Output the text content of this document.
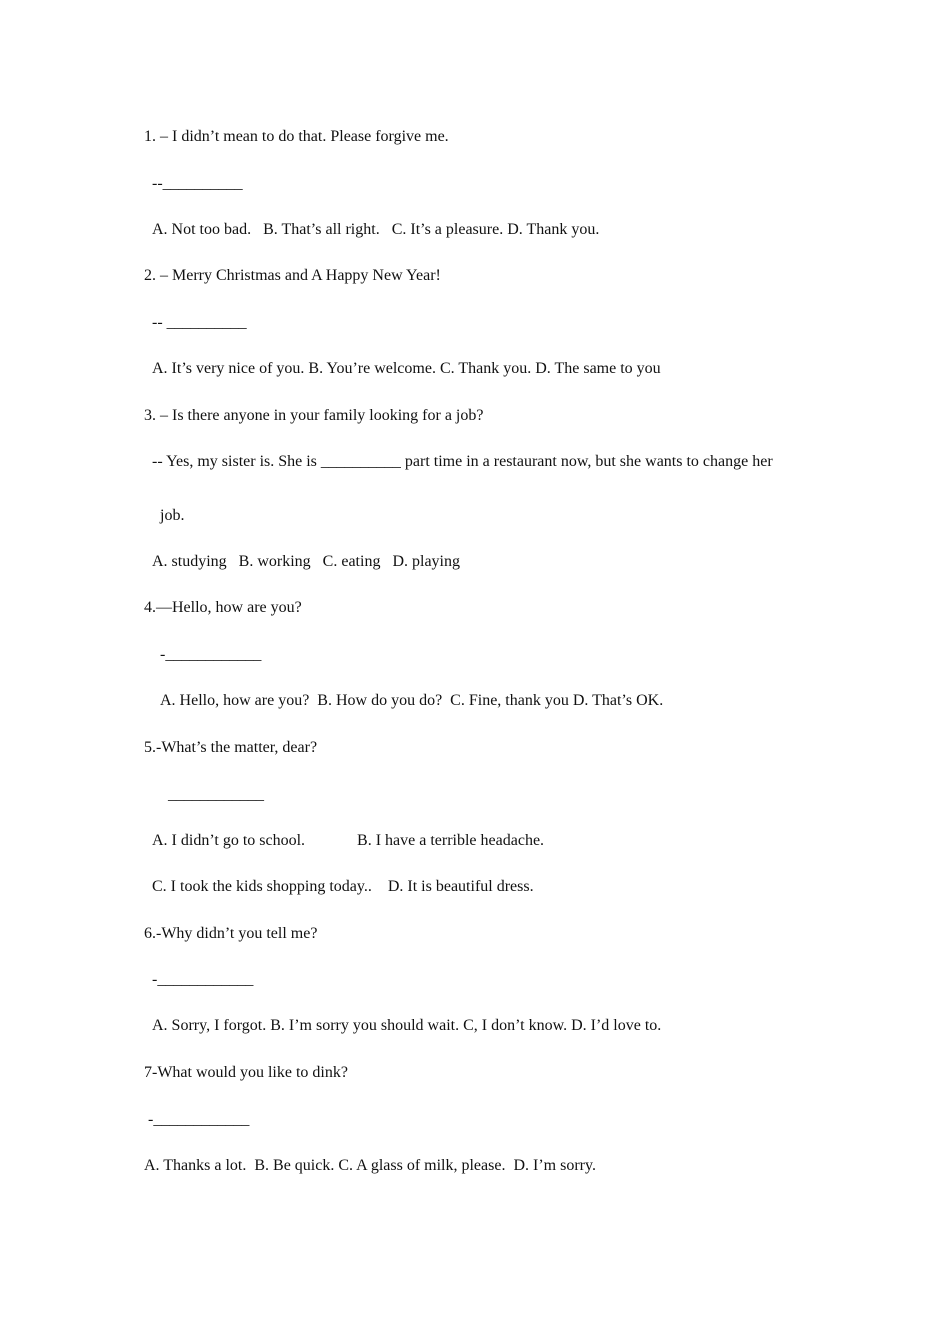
1. – I didn’t mean to do that. Please forgive me.
--__________
A. Not too bad.   B. That’s all right.   C. It’s a pleasure. D. Thank you.
2. – Merry Christmas and A Happy New Year!
-- __________
A. It’s very nice of you. B. You’re welcome. C. Thank you. D. The same to you
3. – Is there anyone in your family looking for a job?
-- Yes, my sister is. She is __________ part time in a restaurant now, but she wants to change her
job.
A. studying   B. working   C. eating   D. playing
4.—Hello, how are you?
-____________
A. Hello, how are you?  B. How do you do?  C. Fine, thank you D. That’s OK.
5.-What’s the matter, dear?
____________
A. I didn’t go to school.             B. I have a terrible headache.
C. I took the kids shopping today..    D. It is beautiful dress.
6.-Why didn’t you tell me?
-____________
A. Sorry, I forgot. B. I’m sorry you should wait. C, I don’t know. D. I’d love to.
7-What would you like to dink?
-____________
A. Thanks a lot.  B. Be quick. C. A glass of milk, please.  D. I’m sorry.
